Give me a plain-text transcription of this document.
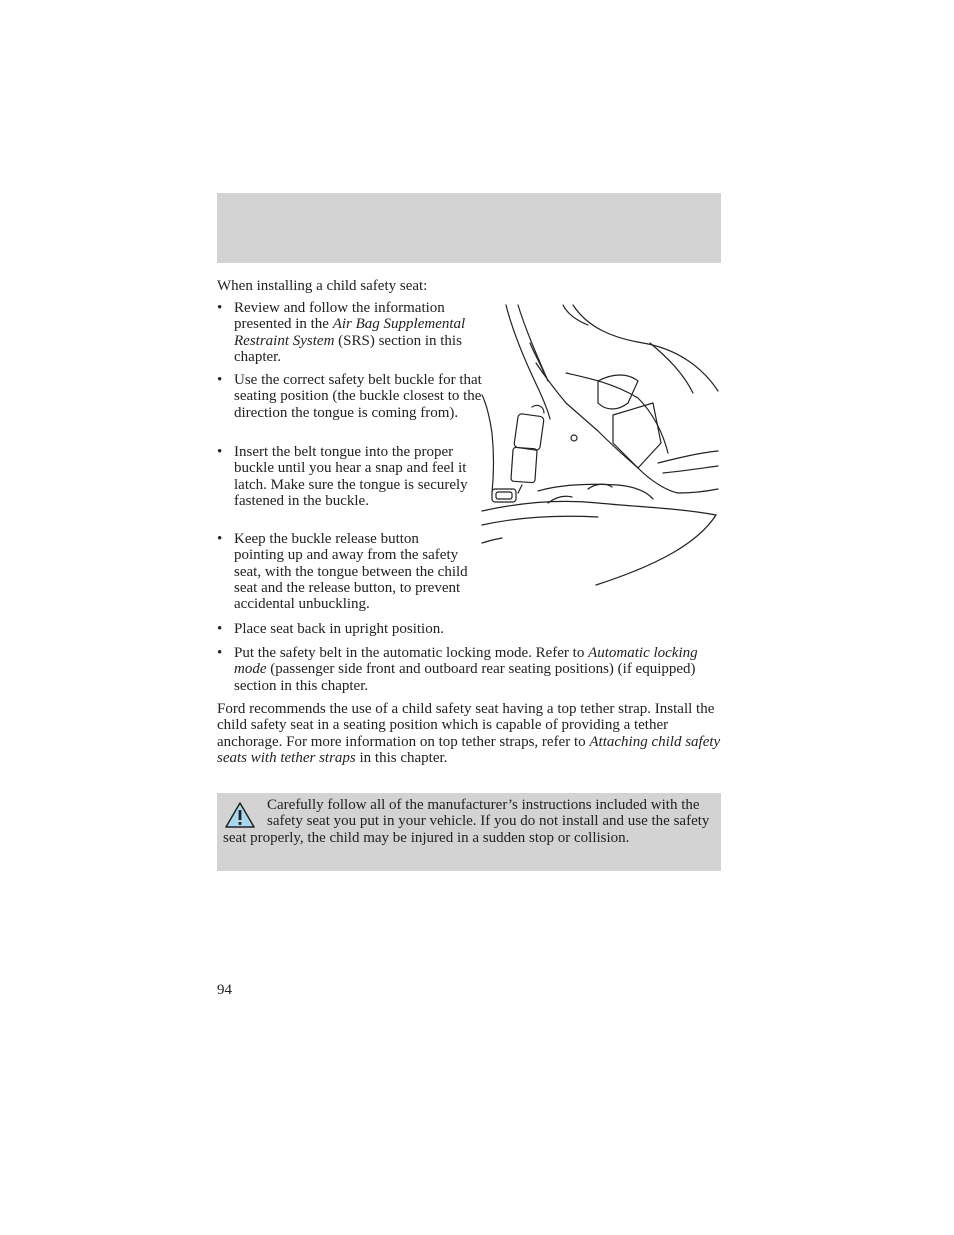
When installing a child safety seat:
• Review and follow the information presented in the Air Bag Supplemental Restraint System (SRS) section in this chapter.
• Use the correct safety belt buckle for that seating position (the buckle closest to the direction the tongue is coming from).
• Insert the belt tongue into the proper buckle until you hear a snap and feel it latch. Make sure the tongue is securely fastened in the buckle.
• Keep the buckle release button pointing up and away from the safety seat, with the tongue between the child seat and the release button, to prevent accidental unbuckling.
• Place seat back in upright position.
• Put the safety belt in the automatic locking mode. Refer to Automatic locking mode (passenger side front and outboard rear seating positions) (if equipped) section in this chapter.
Ford recommends the use of a child safety seat having a top tether strap. Install the child safety seat in a seating position which is capable of providing a tether anchorage. For more information on top tether straps, refer to Attaching child safety seats with tether straps in this chapter.
Carefully follow all of the manufacturer’s instructions included with the safety seat you put in your vehicle. If you do not install and use the safety seat properly, the child may be injured in a sudden stop or collision.
94
